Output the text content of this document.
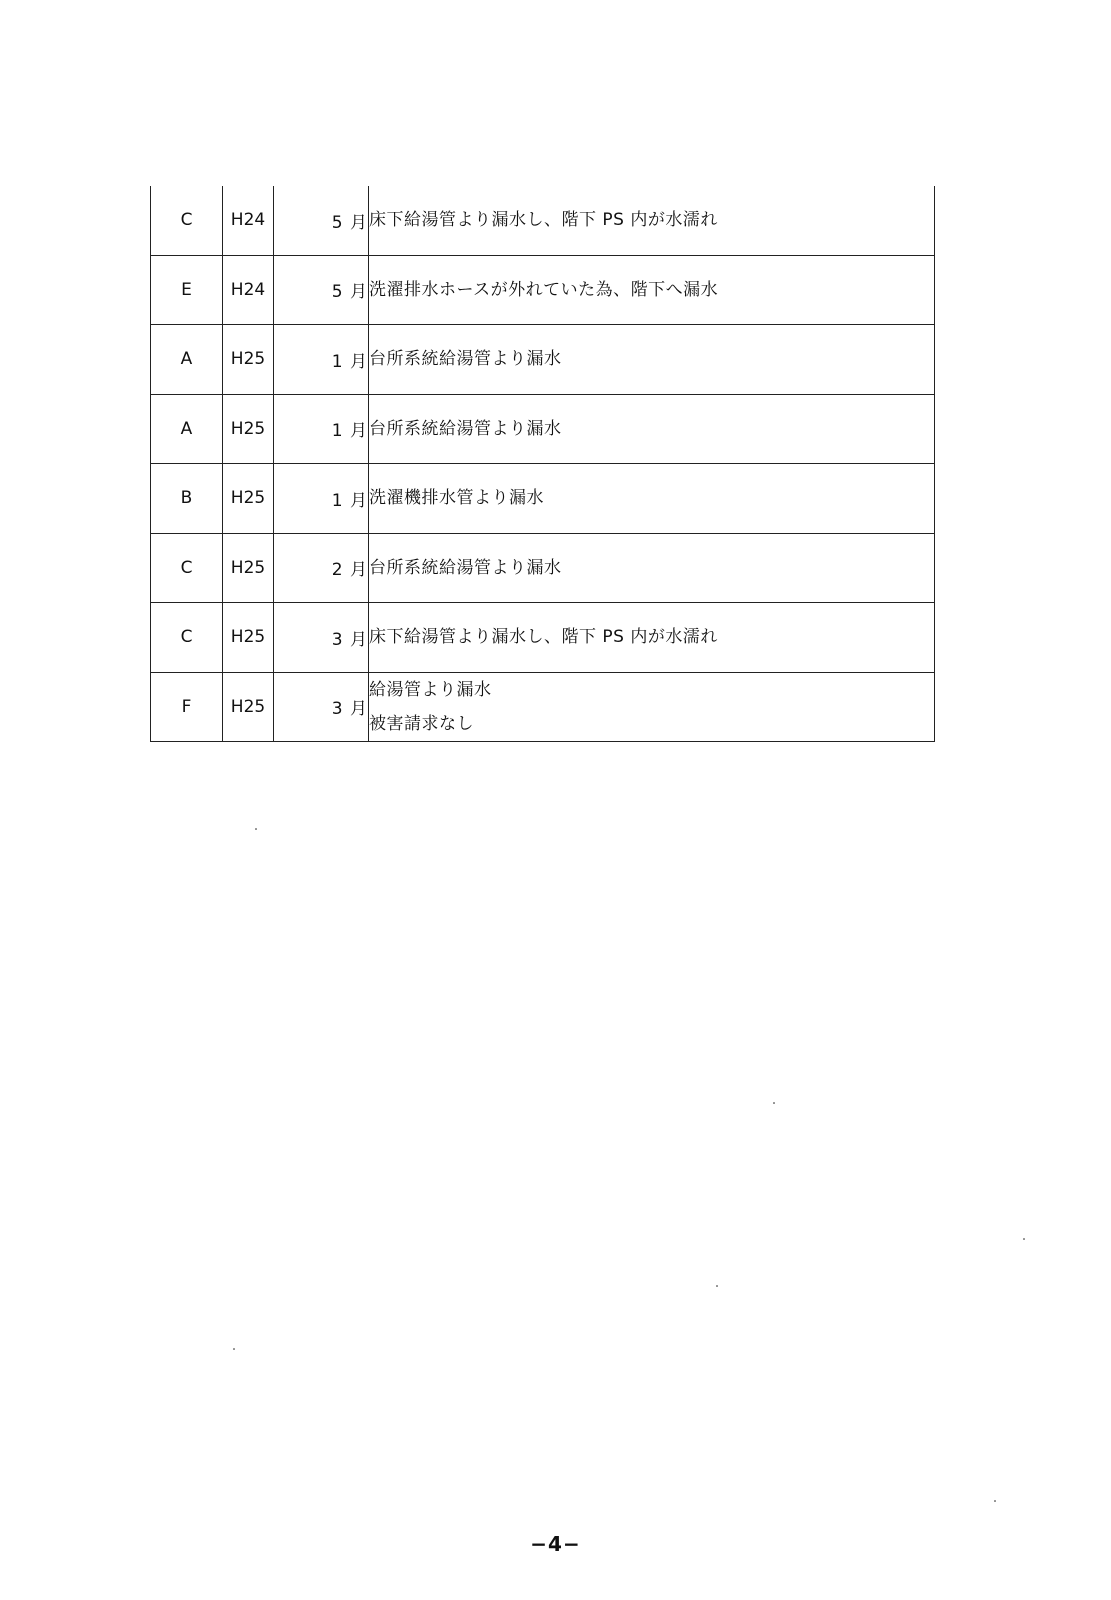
C	H24	5 月	床下給湯管より漏水し、階下 PS 内が水濡れ

E	H24	5 月	洗濯排水ホースが外れていた為、階下へ漏水

A	H25	1 月	台所系統給湯管より漏水

A	H25	1 月	台所系統給湯管より漏水

B	H25	1 月	洗濯機排水管より漏水

C	H25	2 月	台所系統給湯管より漏水

C	H25	3 月	床下給湯管より漏水し、階下 PS 内が水濡れ

F	H25	3 月	給湯管より漏水
被害請求なし
−4−
